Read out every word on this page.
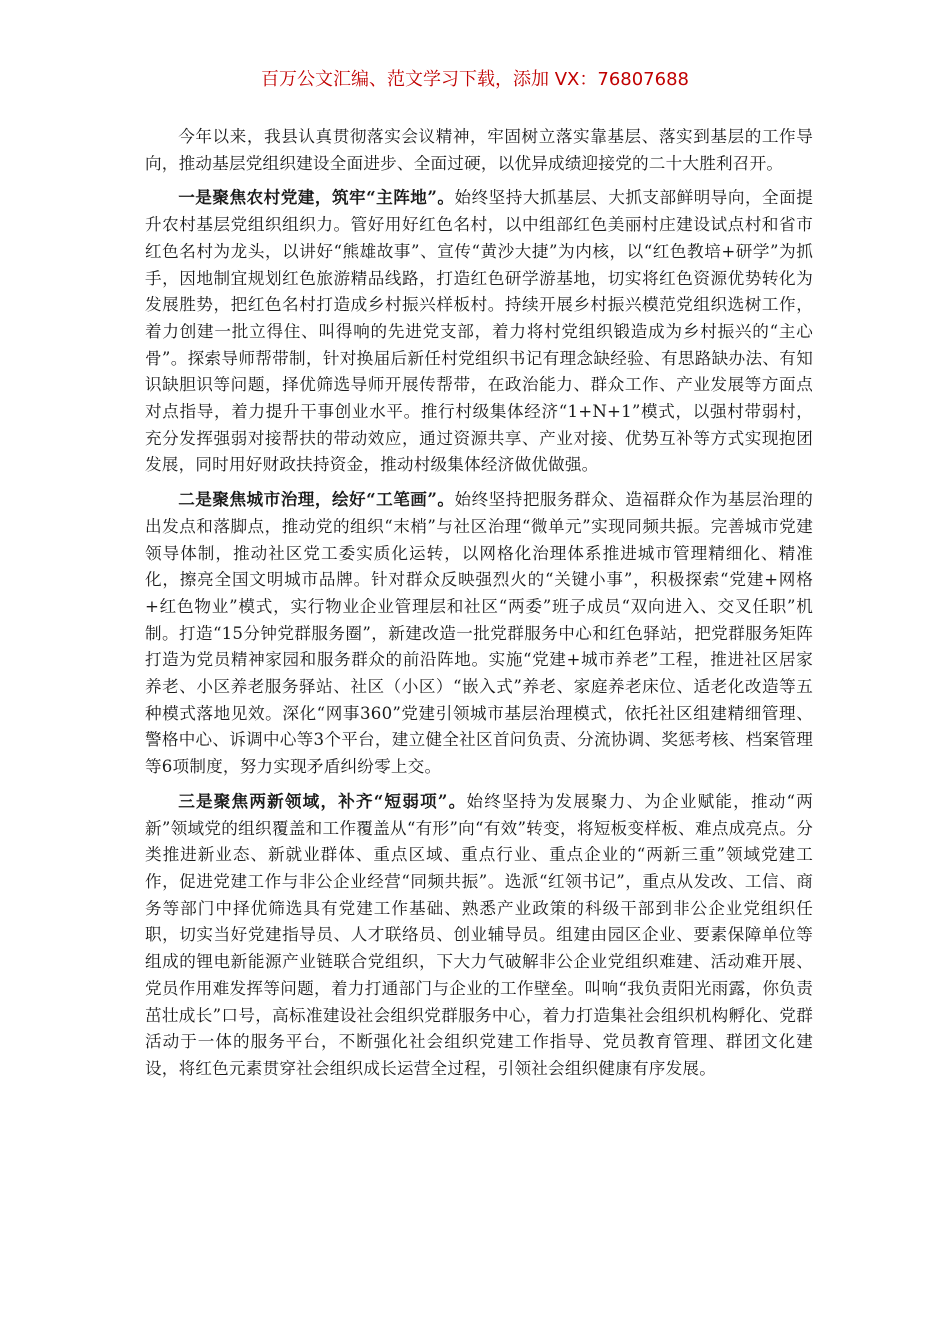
百万公文汇编、范文学习下载，添加 VX：76807688

今年以来，我县认真贯彻落实会议精神，牢固树立落实靠基层、落实到基层的工作导向，推动基层党组织建设全面进步、全面过硬，以优异成绩迎接党的二十大胜利召开。

一是聚焦农村党建，筑牢“主阵地”。始终坚持大抓基层、大抓支部鲜明导向，全面提升农村基层党组织组织力。管好用好红色名村，以中组部红色美丽村庄建设试点村和省市红色名村为龙头，以讲好“熊雄故事”、宣传“黄沙大捷”为内核，以“红色教培+研学”为抓手，因地制宜规划红色旅游精品线路，打造红色研学游基地，切实将红色资源优势转化为发展胜势，把红色名村打造成乡村振兴样板村。持续开展乡村振兴模范党组织选树工作，着力创建一批立得住、叫得响的先进党支部，着力将村党组织锻造成为乡村振兴的“主心骨”。探索导师帮带制，针对换届后新任村党组织书记有理念缺经验、有思路缺办法、有知识缺胆识等问题，择优筛选导师开展传帮带，在政治能力、群众工作、产业发展等方面点对点指导，着力提升干事创业水平。推行村级集体经济“1+N+1”模式，以强村带弱村，充分发挥强弱对接帮扶的带动效应，通过资源共享、产业对接、优势互补等方式实现抱团发展，同时用好财政扶持资金，推动村级集体经济做优做强。

二是聚焦城市治理，绘好“工笔画”。始终坚持把服务群众、造福群众作为基层治理的出发点和落脚点，推动党的组织“末梢”与社区治理“微单元”实现同频共振。完善城市党建领导体制，推动社区党工委实质化运转，以网格化治理体系推进城市管理精细化、精准化，擦亮全国文明城市品牌。针对群众反映强烈火的“关键小事”，积极探索“党建+网格+红色物业”模式，实行物业企业管理层和社区“两委”班子成员“双向进入、交叉任职”机制。打造“15分钟党群服务圈”，新建改造一批党群服务中心和红色驿站，把党群服务矩阵打造为党员精神家园和服务群众的前沿阵地。实施“党建+城市养老”工程，推进社区居家养老、小区养老服务驿站、社区（小区）“嵌入式”养老、家庭养老床位、适老化改造等五种模式落地见效。深化“网事360”党建引领城市基层治理模式，依托社区组建精细管理、警格中心、诉调中心等3个平台，建立健全社区首问负责、分流协调、奖惩考核、档案管理等6项制度，努力实现矛盾纠纷零上交。

三是聚焦两新领域，补齐“短弱项”。始终坚持为发展聚力、为企业赋能，推动“两新”领域党的组织覆盖和工作覆盖从“有形”向“有效”转变，将短板变样板、难点成亮点。分类推进新业态、新就业群体、重点区域、重点行业、重点企业的“两新三重”领域党建工作，促进党建工作与非公企业经营“同频共振”。选派“红领书记”，重点从发改、工信、商务等部门中择优筛选具有党建工作基础、熟悉产业政策的科级干部到非公企业党组织任职，切实当好党建指导员、人才联络员、创业辅导员。组建由园区企业、要素保障单位等组成的锂电新能源产业链联合党组织，下大力气破解非公企业党组织难建、活动难开展、党员作用难发挥等问题，着力打通部门与企业的工作壁垒。叫响“我负责阳光雨露，你负责茁壮成长”口号，高标准建设社会组织党群服务中心，着力打造集社会组织机构孵化、党群活动于一体的服务平台，不断强化社会组织党建工作指导、党员教育管理、群团文化建设，将红色元素贯穿社会组织成长运营全过程，引领社会组织健康有序发展。
